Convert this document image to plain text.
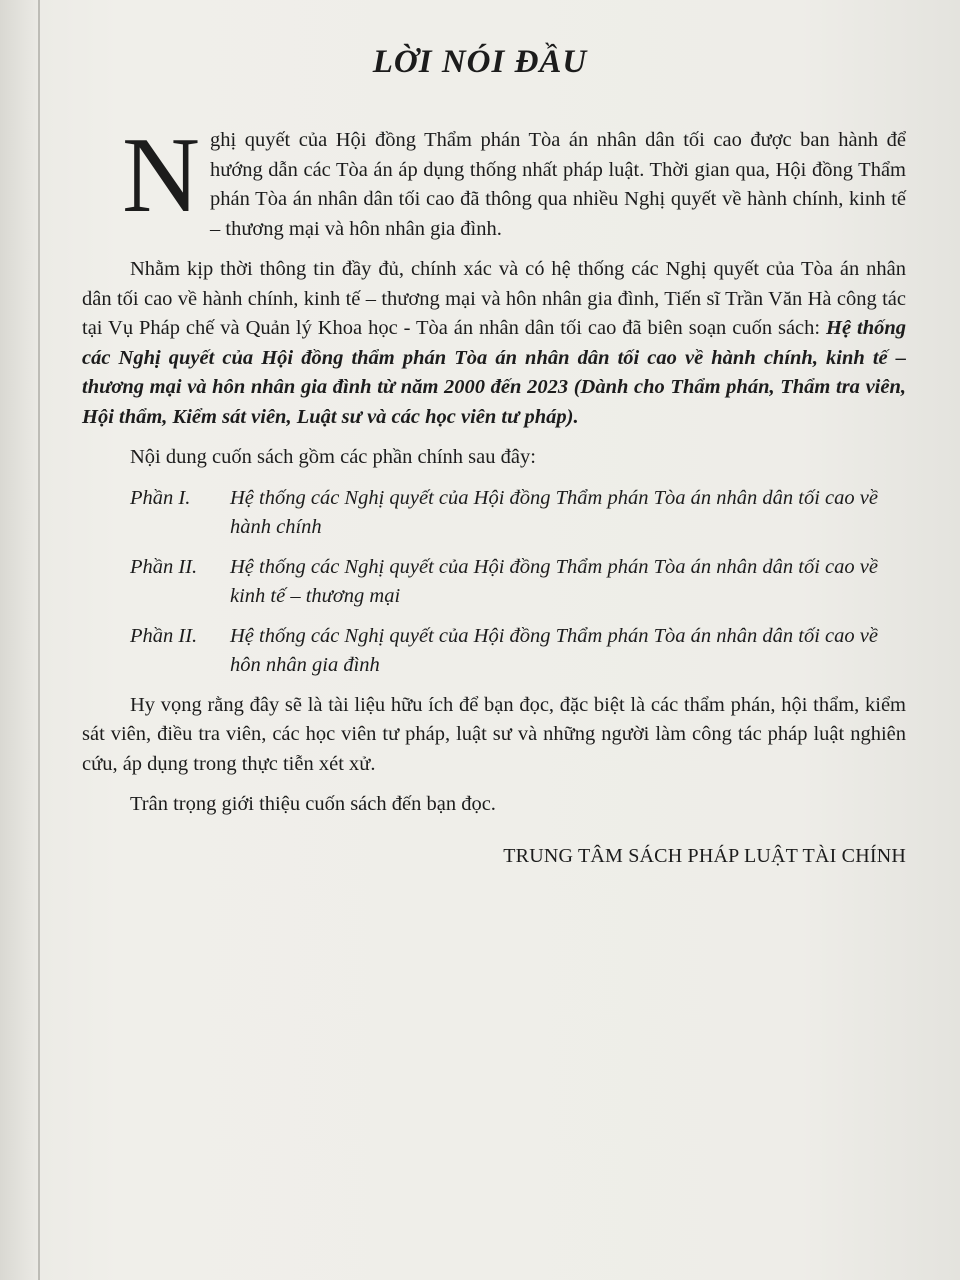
LỜI NÓI ĐẦU

Nghị quyết của Hội đồng Thẩm phán Tòa án nhân dân tối cao được ban hành để hướng dẫn các Tòa án áp dụng thống nhất pháp luật. Thời gian qua, Hội đồng Thẩm phán Tòa án nhân dân tối cao đã thông qua nhiều Nghị quyết về hành chính, kinh tế – thương mại và hôn nhân gia đình.

Nhằm kịp thời thông tin đầy đủ, chính xác và có hệ thống các Nghị quyết của Tòa án nhân dân tối cao về hành chính, kinh tế – thương mại và hôn nhân gia đình, Tiến sĩ Trần Văn Hà công tác tại Vụ Pháp chế và Quản lý Khoa học - Tòa án nhân dân tối cao đã biên soạn cuốn sách: Hệ thống các Nghị quyết của Hội đồng thẩm phán Tòa án nhân dân tối cao về hành chính, kinh tế – thương mại và hôn nhân gia đình từ năm 2000 đến 2023 (Dành cho Thẩm phán, Thẩm tra viên, Hội thẩm, Kiểm sát viên, Luật sư và các học viên tư pháp).

Nội dung cuốn sách gồm các phần chính sau đây:

Phần I.	Hệ thống các Nghị quyết của Hội đồng Thẩm phán Tòa án nhân dân tối cao về hành chính
Phần II.	Hệ thống các Nghị quyết của Hội đồng Thẩm phán Tòa án nhân dân tối cao về kinh tế – thương mại
Phần II.	Hệ thống các Nghị quyết của Hội đồng Thẩm phán Tòa án nhân dân tối cao về hôn nhân gia đình

Hy vọng rằng đây sẽ là tài liệu hữu ích để bạn đọc, đặc biệt là các thẩm phán, hội thẩm, kiểm sát viên, điều tra viên, các học viên tư pháp, luật sư và những người làm công tác pháp luật nghiên cứu, áp dụng trong thực tiễn xét xử.

Trân trọng giới thiệu cuốn sách đến bạn đọc.

TRUNG TÂM SÁCH PHÁP LUẬT TÀI CHÍNH
